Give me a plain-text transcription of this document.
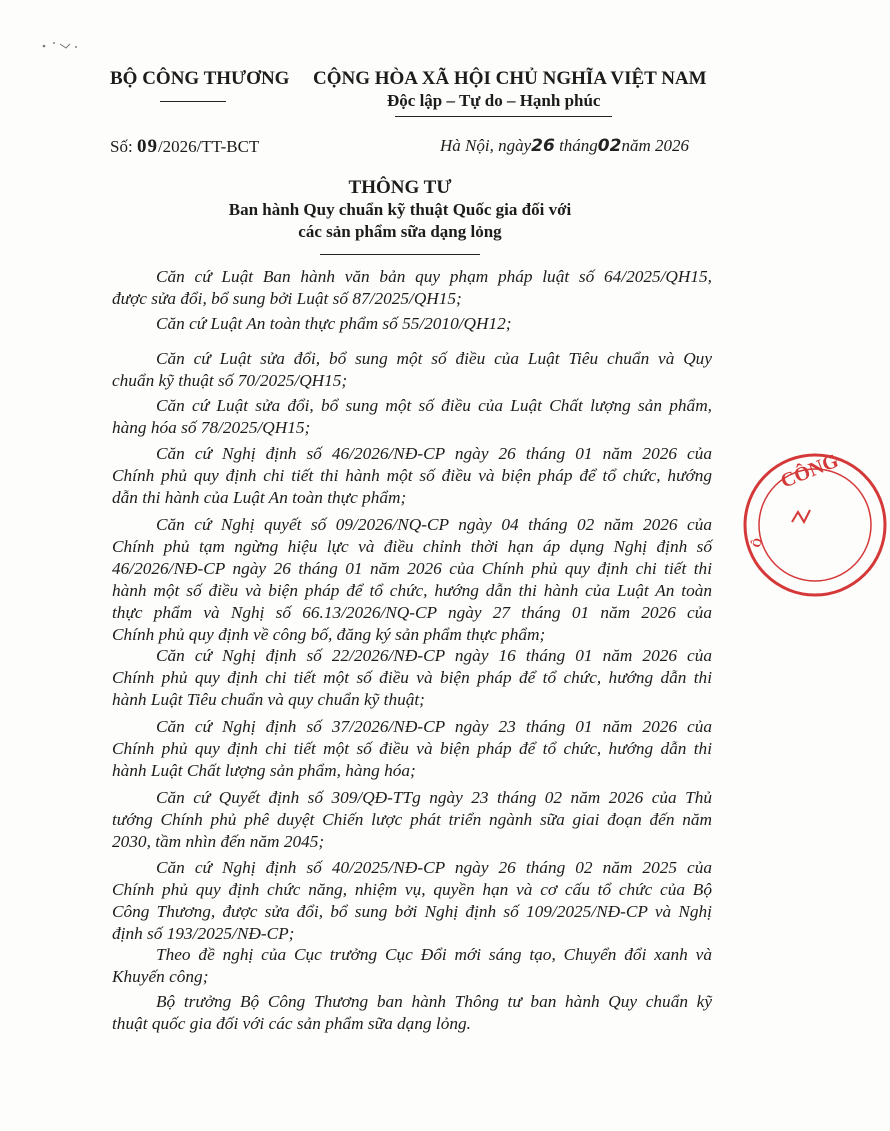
BỘ CÔNG THƯƠNG CỘNG HÒA XÃ HỘI CHỦ NGHĨA VIỆT NAM
Độc lập – Tự do – Hạnh phúc
Số: 09/2026/TT-BCT	Hà Nội, ngày26 tháng02năm 2026
THÔNG TƯ
Ban hành Quy chuẩn kỹ thuật Quốc gia đối với
các sản phẩm sữa dạng lỏng
Căn cứ Luật Ban hành văn bản quy phạm pháp luật số 64/2025/QH15,
được sửa đổi, bổ sung bởi Luật số 87/2025/QH15;
Căn cứ Luật An toàn thực phẩm số 55/2010/QH12;
Căn cứ Luật sửa đổi, bổ sung một số điều của Luật Tiêu chuẩn và Quy
chuẩn kỹ thuật số 70/2025/QH15;
Căn cứ Luật sửa đổi, bổ sung một số điều của Luật Chất lượng sản phẩm,
hàng hóa số 78/2025/QH15;
Căn cứ Nghị định số 46/2026/NĐ-CP ngày 26 tháng 01 năm 2026 của
Chính phủ quy định chi tiết thi hành một số điều và biện pháp để tổ chức, hướng
dẫn thi hành của Luật An toàn thực phẩm;
Căn cứ Nghị quyết số 09/2026/NQ-CP ngày 04 tháng 02 năm 2026 của
Chính phủ tạm ngừng hiệu lực và điều chỉnh thời hạn áp dụng Nghị định số
46/2026/NĐ-CP ngày 26 tháng 01 năm 2026 của Chính phủ quy định chi tiết thi
hành một số điều và biện pháp để tổ chức, hướng dẫn thi hành của Luật An toàn
thực phẩm và Nghị số 66.13/2026/NQ-CP ngày 27 tháng 01 năm 2026 của
Chính phủ quy định về công bố, đăng ký sản phẩm thực phẩm;
Căn cứ Nghị định số 22/2026/NĐ-CP ngày 16 tháng 01 năm 2026 của
Chính phủ quy định chi tiết một số điều và biện pháp để tổ chức, hướng dẫn thi
hành Luật Tiêu chuẩn và quy chuẩn kỹ thuật;
Căn cứ Nghị định số 37/2026/NĐ-CP ngày 23 tháng 01 năm 2026 của
Chính phủ quy định chi tiết một số điều và biện pháp để tổ chức, hướng dẫn thi
hành Luật Chất lượng sản phẩm, hàng hóa;
Căn cứ Quyết định số 309/QĐ-TTg ngày 23 tháng 02 năm 2026 của Thủ
tướng Chính phủ phê duyệt Chiến lược phát triển ngành sữa giai đoạn đến năm
2030, tầm nhìn đến năm 2045;
Căn cứ Nghị định số 40/2025/NĐ-CP ngày 26 tháng 02 năm 2025 của
Chính phủ quy định chức năng, nhiệm vụ, quyền hạn và cơ cấu tổ chức của Bộ
Công Thương, được sửa đổi, bổ sung bởi Nghị định số 109/2025/NĐ-CP và Nghị
định số 193/2025/NĐ-CP;
Theo đề nghị của Cục trưởng Cục Đổi mới sáng tạo, Chuyển đổi xanh và
Khuyến công;
Bộ trưởng Bộ Công Thương ban hành Thông tư ban hành Quy chuẩn kỹ
thuật quốc gia đối với các sản phẩm sữa dạng lỏng.
CÔNG
Ộ
